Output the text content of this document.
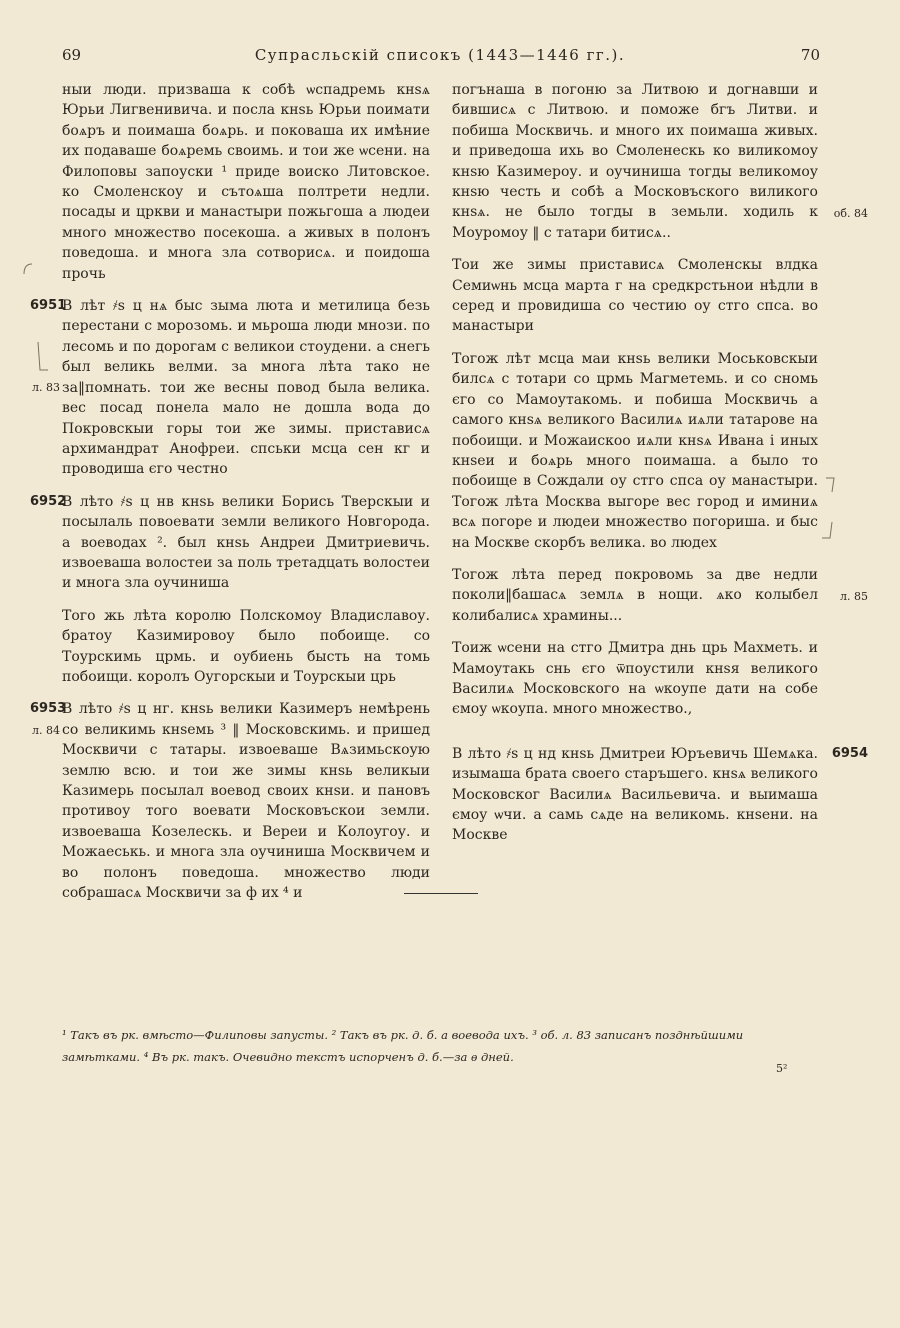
69	Супрасльскій списокъ (1443—1446 гг.).	70

ныи люди. призваша к собѣ ѡспадремь кнѕѧ Юрьи Лигвенивича. и посла кнѕь Юрьи поимати боѧръ и поимаша боѧрь. и поковаша их имѣние их подаваше боѧремь своимь. и тои же ѡсени. на Филоповы запоуски ¹ приде воиско Литовское. ко Смоленскоу и сътоѧша полтрети недли. посады и цркви и манастыри пожьгоша а людеи много множество посекоша. а живых в полонъ поведоша. и многа зла сотворисѧ. и поидоша прочь

6951
л. 83

В лѣт ҂ѕ ц нѧ быс зыма люта и метилица безь перестани с морозомь. и мьроша люди мнози. по лесомь и по дорогам с великои стоудени. а снегь был великь велми. за многа лѣта тако не за‖помнать. тои же весны повод была велика. вес посад понела мало не дошла вода до Покровскыи горы тои же зимы. пристависѧ архимандрат Анофреи. спськи мсца сен кг и проводиша єго честно

6952

В лѣто ҂ѕ ц нв кнѕь велики Борись Тверскыи и посылаль повоевати земли великого Новгорода. а воеводах ². был кнѕь Андреи Дмитриевичь. извоеваша волостеи за поль третадцать волостеи и многа зла оучиниша

Того жь лѣта королю Полскомоу Владиславоу. братоу Казимировоу было побоище. со Тоурскимь црмь. и оубиень бысть на томь побоищи. королъ Оугорскыи и Тоурскыи црь

6953
л. 84

В лѣто ҂ѕ ц нг. кнѕь велики Казимеръ немѣрень со великимь кнѕемь ³ ‖ Московскимь. и пришед Москвичи с татары. извоеваше Вѧзимьскоую землю всю. и тои же зимы кнѕь великыи Казимерь посылал воевод своих кнѕи. и пановъ противоу того воевати Московъскои земли. извоеваша Козелескь. и Вереи и Колоугоу. и Можаеськь. и многа зла оучиниша Москвичем и во полонъ поведоша. множество люди собрашасѧ Москвичи за ф их ⁴ и

об. 84

погънаша в погоню за Литвою и догнавши и бившисѧ с Литвою. и поможе бгъ Литви. и побиша Москвичь. и много их поимаша живых. и приведоша ихь во Смоленескь ко виликомоу кнѕю Казимероу. и оучиниша тогды великомоу кнѕю честь и собѣ а Московъского виликого кнѕѧ. не было тогды в земьли. ходиль к Моуромоу ‖ с татари битисѧ..

Тои же зимы пристависѧ Смоленскы влдка Семиѡнь мсца марта г на средкрстьнои нѣдли в серед и провидиша со честию оу стго спса. во манастыри

Тогож лѣт мсца маи кнѕь велики Моськовскыи билсѧ с тотари со црмь Магметемь. и со сномь єго со Мамоутакомь. и побиша Москвичь а самого кнѕѧ великого Василиѧ иѧли татарове на побоищи. и Можаискоо иѧли кнѕѧ Ивана і иных кнѕеи и боѧрь много поимаша. а было то побоище в Сождали оу стго спса оу манастыри. Тогож лѣта Москва выгоре вес город и иминиѧ всѧ погоре и людеи множество погориша. и быс на Москве скорбъ велика. во людех

л. 85

Тогож лѣта перед покровомь за две недли поколи‖башасѧ землѧ в нощи. ѧко колыбел колибалисѧ храмины...

Тоиж ѡсени на стго Дмитра днь црь Махметь. и Мамоутакь снь єго ѿпоустили кнѕя великого Василиѧ Московского на ѡкоупе дати на собе ємоу ѡкоупа. много множество.,

6954

В лѣто ҂ѕ ц нд кнѕь Дмитреи Юръевичь Шемѧка. изымаша брата своего старъшего. кнѕѧ великого Московског Василиѧ Васильевича. и выимаша ємоу ѡчи. а самь сѧде на великомь. кнѕени. на Москве

¹ Такъ въ рк. вмѣсто—Филиповы запусты. ² Такъ въ рк. д. б. а воевода ихъ. ³ об. л. 83 записанъ позднѣйшими
замѣтками. ⁴ Въ рк. такъ. Очевидно текстъ испорченъ д. б.—за ѳ дней.
5²
